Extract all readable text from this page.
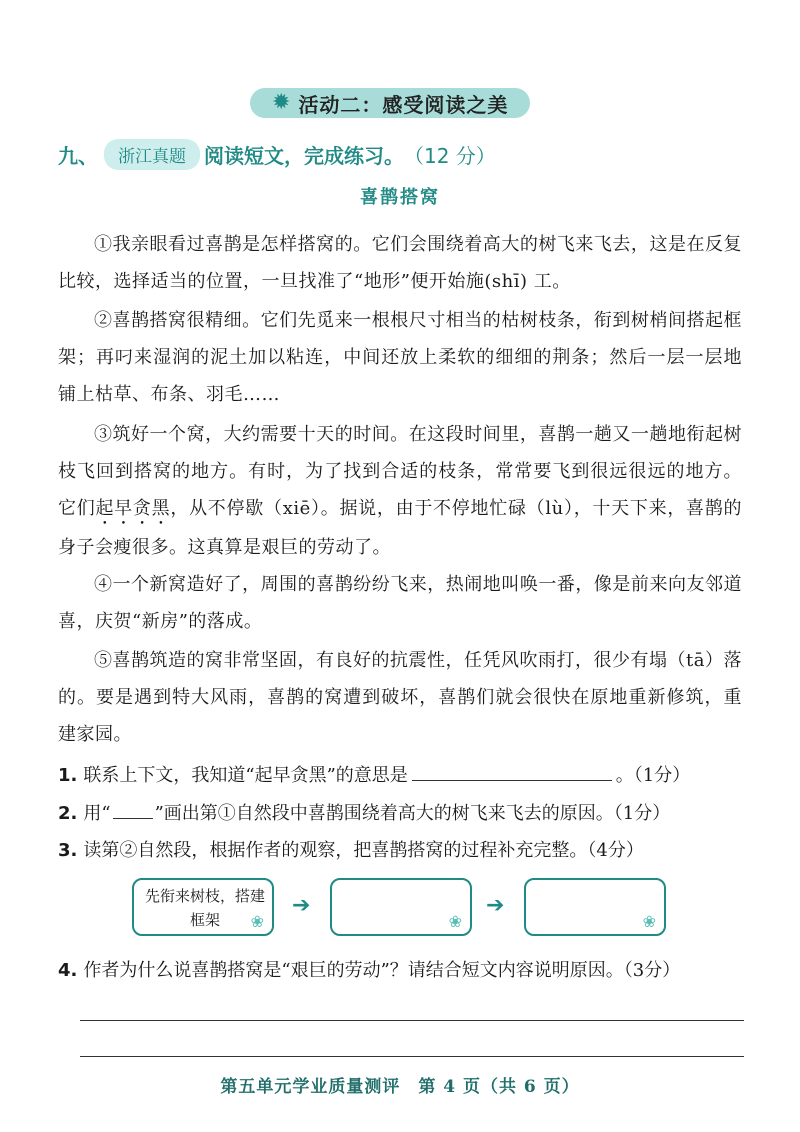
✹ 活动二：感受阅读之美
九、	浙江真题 阅读短文，完成练习。 （12 分）
喜鹊搭窝
①我亲眼看过喜鹊是怎样搭窝的。它们会围绕着高大的树飞来飞去，这是在反复比较，选择适当的位置，一旦找准了“地形”便开始施(shī) 工。
②喜鹊搭窝很精细。它们先觅来一根根尺寸相当的枯树枝条，衔到树梢间搭起框架；再叼来湿润的泥土加以粘连，中间还放上柔软的细细的荆条；然后一层一层地铺上枯草、布条、羽毛……
③筑好一个窝，大约需要十天的时间。在这段时间里，喜鹊一趟又一趟地衔起树枝飞回到搭窝的地方。有时，为了找到合适的枝条，常常要飞到很远很远的地方。它们起早贪黑，从不停歇（xiē）。据说，由于不停地忙碌（lù），十天下来，喜鹊的身子会瘦很多。这真算是艰巨的劳动了。
④一个新窝造好了，周围的喜鹊纷纷飞来，热闹地叫唤一番，像是前来向友邻道喜，庆贺“新房”的落成。
⑤喜鹊筑造的窝非常坚固，有良好的抗震性，任凭风吹雨打，很少有塌（tā）落的。要是遇到特大风雨，喜鹊的窝遭到破坏，喜鹊们就会很快在原地重新修筑，重建家园。
1. 联系上下文，我知道“起早贪黑”的意思是	。（1分）
2. 用“ ”画出第①自然段中喜鹊围绕着高大的树飞来飞去的原因。（1分）
3. 读第②自然段，根据作者的观察，把喜鹊搭窝的过程补充完整。（4分）
先衔来树枝，搭建框架	❀
➔
❀
➔
❀
4. 作者为什么说喜鹊搭窝是“艰巨的劳动”？请结合短文内容说明原因。（3分）
第五单元学业质量测评　第 4 页（共 6 页）
